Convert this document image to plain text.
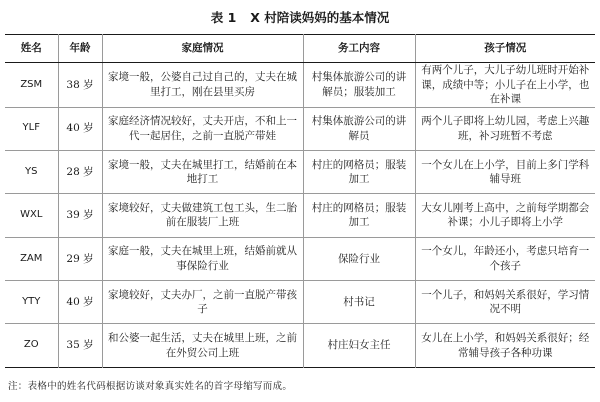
表 1 X 村陪读妈妈的基本情况
姓名	年龄	家庭情况	务工内容	孩子情况
ZSM	38 岁	家境一般，公婆自己过自己的，丈夫在城里打工，刚在县里买房	村集体旅游公司的讲解员；服装加工	有两个儿子，大儿子幼儿班时开始补课，成绩中等；小儿子在上小学，也在补课
YLF	40 岁	家庭经济情况较好，丈夫开店，不和上一代一起居住，之前一直脱产带娃	村集体旅游公司的讲解员	两个儿子即将上幼儿园，考虑上兴趣班，补习班暂不考虑
YS	28 岁	家境一般，丈夫在城里打工，结婚前在本地打工	村庄的网格员；服装加工	一个女儿在上小学，目前上多门学科辅导班
WXL	39 岁	家境较好，丈夫做建筑工包工头，生二胎前在服装厂上班	村庄的网格员；服装加工	大女儿刚考上高中，之前每学期都会补课；小儿子即将上小学
ZAM	29 岁	家庭一般，丈夫在城里上班，结婚前就从事保险行业	保险行业	一个女儿，年龄还小，考虑只培育一个孩子
YTY	40 岁	家境较好，丈夫办厂，之前一直脱产带孩子	村书记	一个儿子，和妈妈关系很好，学习情况不明
ZO	35 岁	和公婆一起生活，丈夫在城里上班，之前在外贸公司上班	村庄妇女主任	女儿在上小学，和妈妈关系很好；经常辅导孩子各种功课
注：表格中的姓名代码根据访谈对象真实姓名的首字母缩写而成。
